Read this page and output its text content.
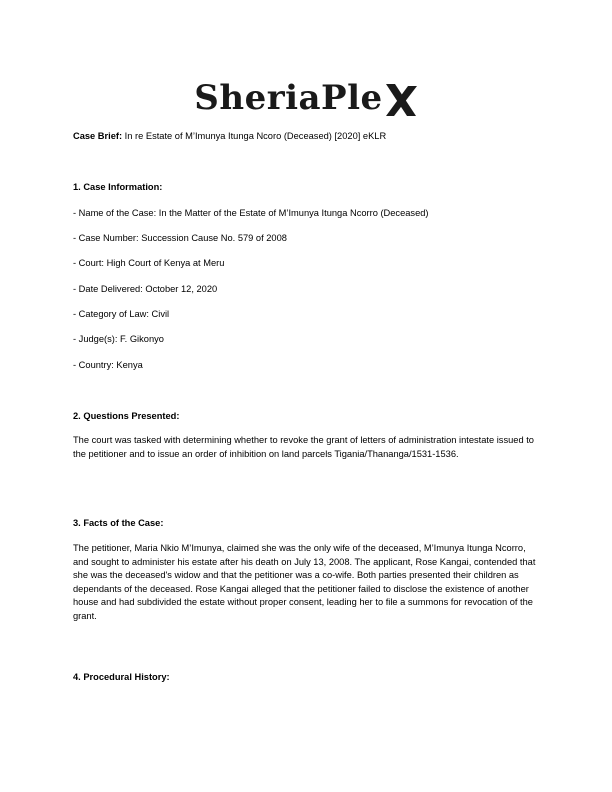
SheriaPle
Case Brief: In re Estate of M’Imunya Itunga Ncoro (Deceased) [2020] eKLR
1. Case Information:
- Name of the Case: In the Matter of the Estate of M’Imunya Itunga Ncorro (Deceased)
- Case Number: Succession Cause No. 579 of 2008
- Court: High Court of Kenya at Meru
- Date Delivered: October 12, 2020
- Category of Law: Civil
- Judge(s): F. Gikonyo
- Country: Kenya
2. Questions Presented:
The court was tasked with determining whether to revoke the grant of letters of administration intestate issued to the petitioner and to issue an order of inhibition on land parcels Tigania/Thananga/1531-1536.
3. Facts of the Case:
The petitioner, Maria Nkio M’Imunya, claimed she was the only wife of the deceased, M’Imunya Itunga Ncorro, and sought to administer his estate after his death on July 13, 2008. The applicant, Rose Kangai, contended that she was the deceased's widow and that the petitioner was a co-wife. Both parties presented their children as dependants of the deceased. Rose Kangai alleged that the petitioner failed to disclose the existence of another house and had subdivided the estate without proper consent, leading her to file a summons for revocation of the grant.
4. Procedural History:
